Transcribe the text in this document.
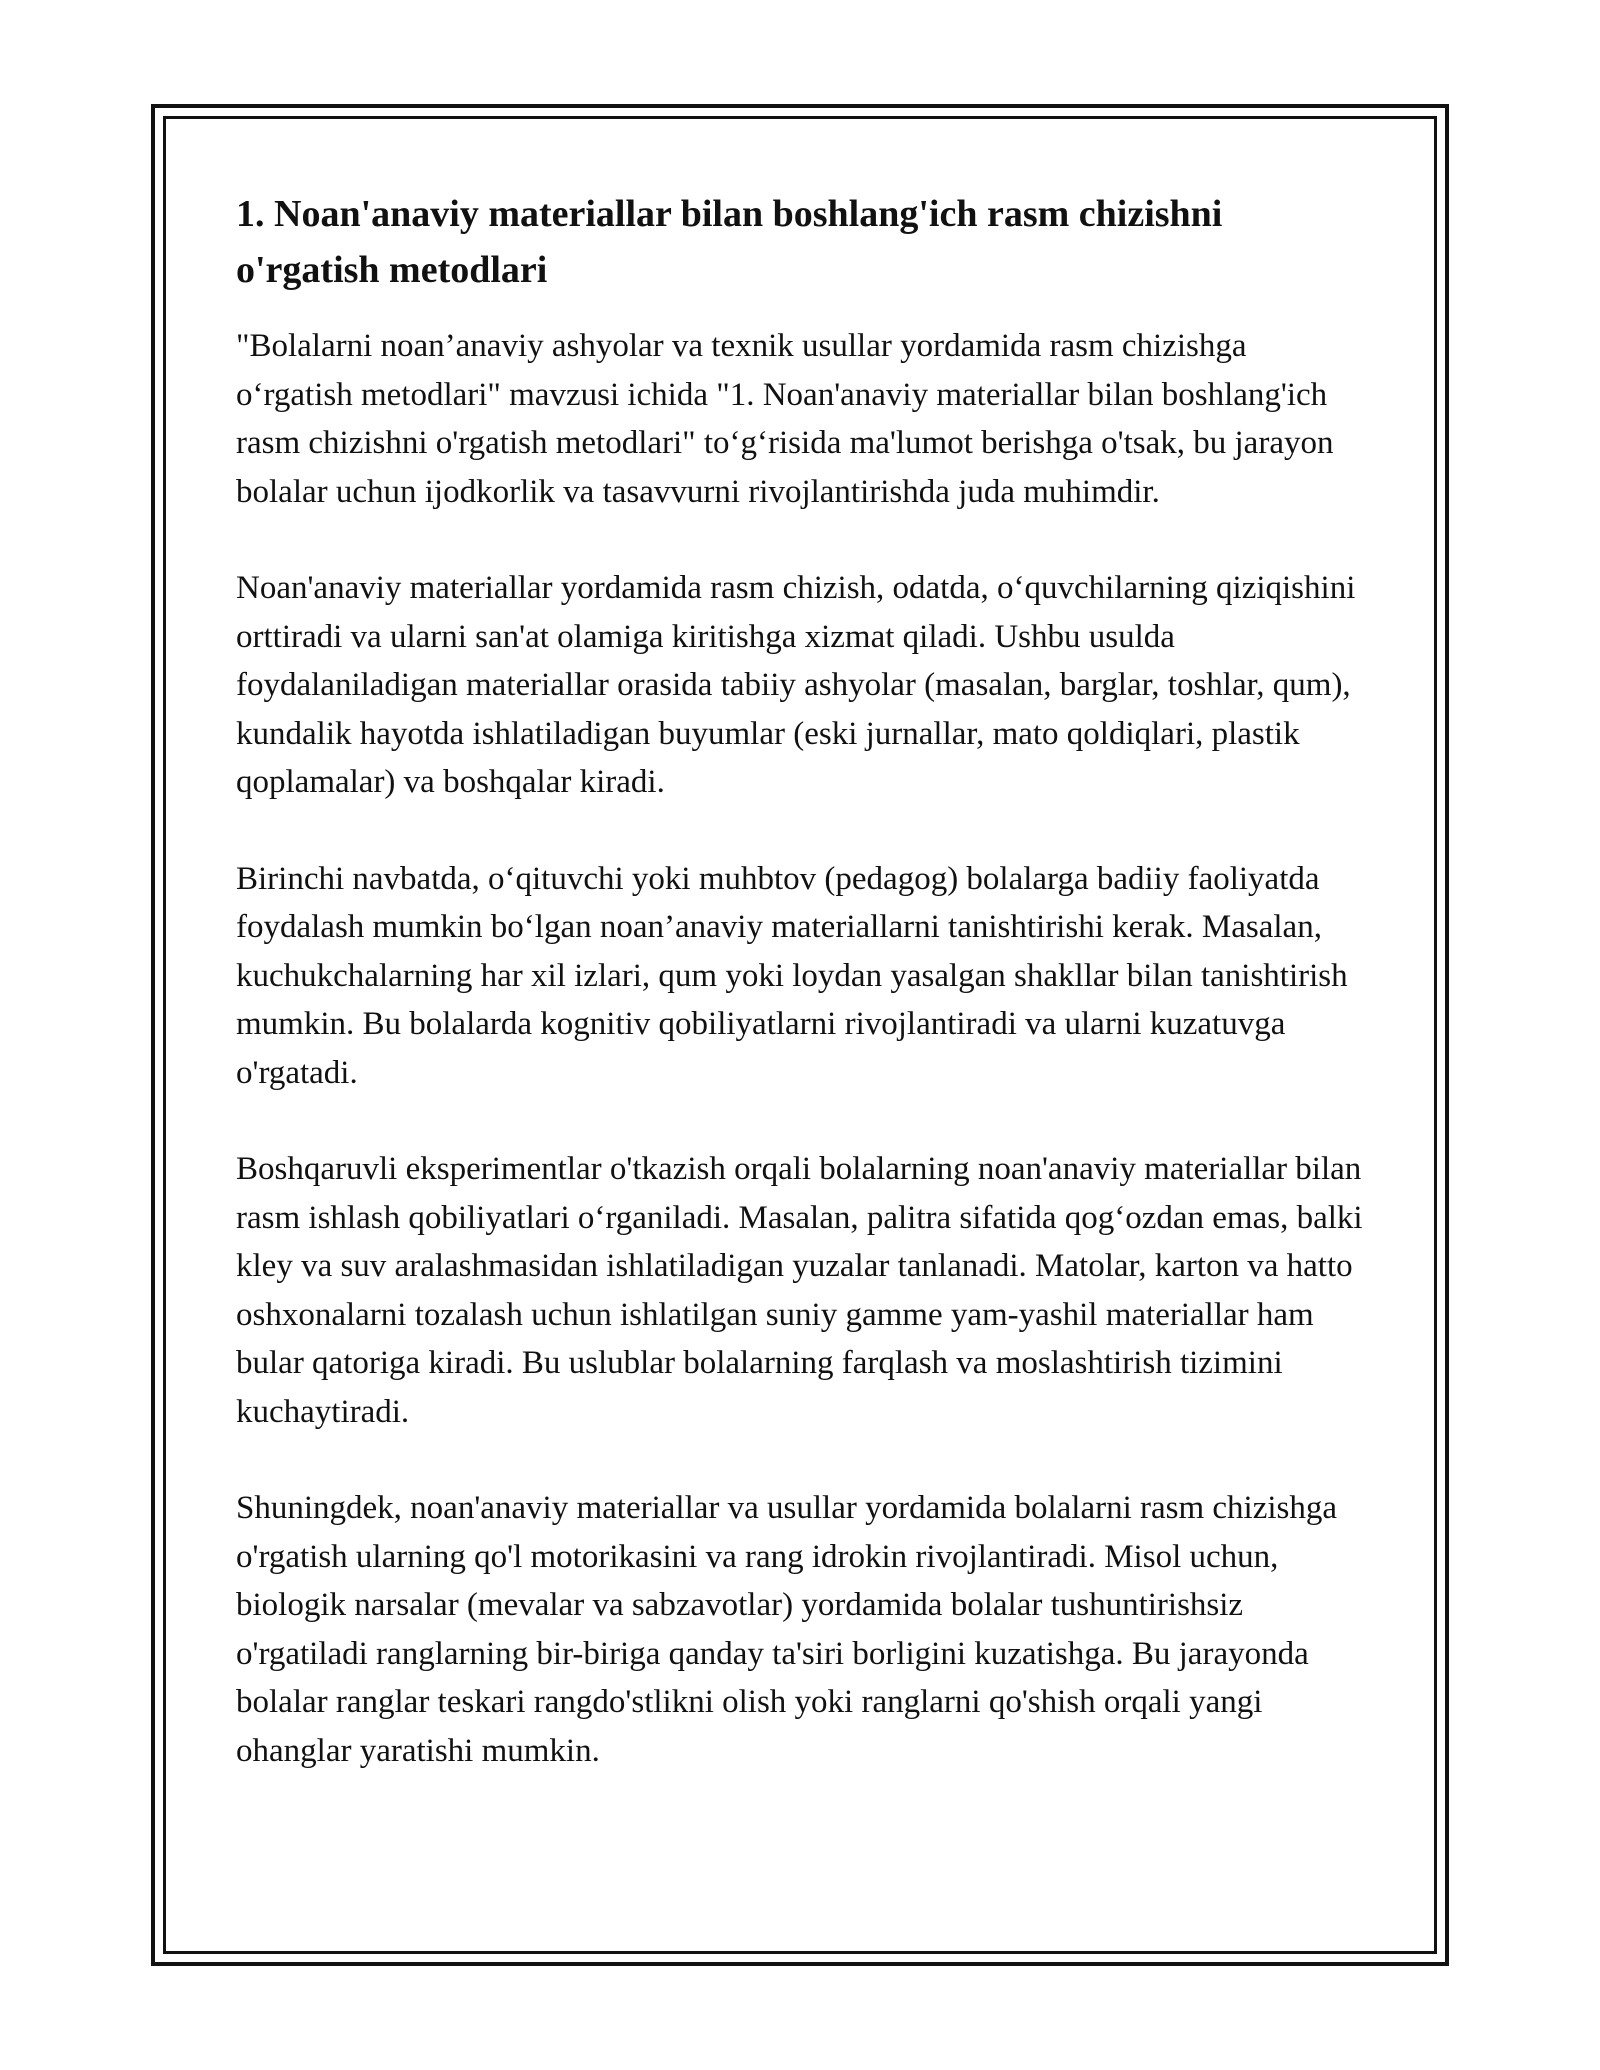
1. Noan'anaviy materiallar bilan boshlang'ich rasm chizishni o'rgatish metodlari

"Bolalarni noan’anaviy ashyolar va texnik usullar yordamida rasm chizishga o‘rgatish metodlari" mavzusi ichida "1. Noan'anaviy materiallar bilan boshlang'ich rasm chizishni o'rgatish metodlari" to‘g‘risida ma'lumot berishga o'tsak, bu jarayon bolalar uchun ijodkorlik va tasavvurni rivojlantirishda juda muhimdir.

Noan'anaviy materiallar yordamida rasm chizish, odatda, o‘quvchilarning qiziqishini orttiradi va ularni san'at olamiga kiritishga xizmat qiladi. Ushbu usulda foydalaniladigan materiallar orasida tabiiy ashyolar (masalan, barglar, toshlar, qum), kundalik hayotda ishlatiladigan buyumlar (eski jurnallar, mato qoldiqlari, plastik qoplamalar) va boshqalar kiradi.

Birinchi navbatda, o‘qituvchi yoki muhbtov (pedagog) bolalarga badiiy faoliyatda foydalash mumkin bo‘lgan noan’anaviy materiallarni tanishtirishi kerak. Masalan, kuchukchalarning har xil izlari, qum yoki loydan yasalgan shakllar bilan tanishtirish mumkin. Bu bolalarda kognitiv qobiliyatlarni rivojlantiradi va ularni kuzatuvga o'rgatadi.

Boshqaruvli eksperimentlar o'tkazish orqali bolalarning noan'anaviy materiallar bilan rasm ishlash qobiliyatlari o‘rganiladi. Masalan, palitra sifatida qog‘ozdan emas, balki kley va suv aralashmasidan ishlatiladigan yuzalar tanlanadi. Matolar, karton va hatto oshxonalarni tozalash uchun ishlatilgan suniy gamme yam-yashil materiallar ham bular qatoriga kiradi. Bu uslublar bolalarning farqlash va moslashtirish tizimini kuchaytiradi.

Shuningdek, noan'anaviy materiallar va usullar yordamida bolalarni rasm chizishga o'rgatish ularning qo'l motorikasini va rang idrokin rivojlantiradi. Misol uchun, biologik narsalar (mevalar va sabzavotlar) yordamida bolalar tushuntirishsiz o'rgatiladi ranglarning bir-biriga qanday ta'siri borligini kuzatishga. Bu jarayonda bolalar ranglar teskari rangdo'stlikni olish yoki ranglarni qo'shish orqali yangi ohanglar yaratishi mumkin.
